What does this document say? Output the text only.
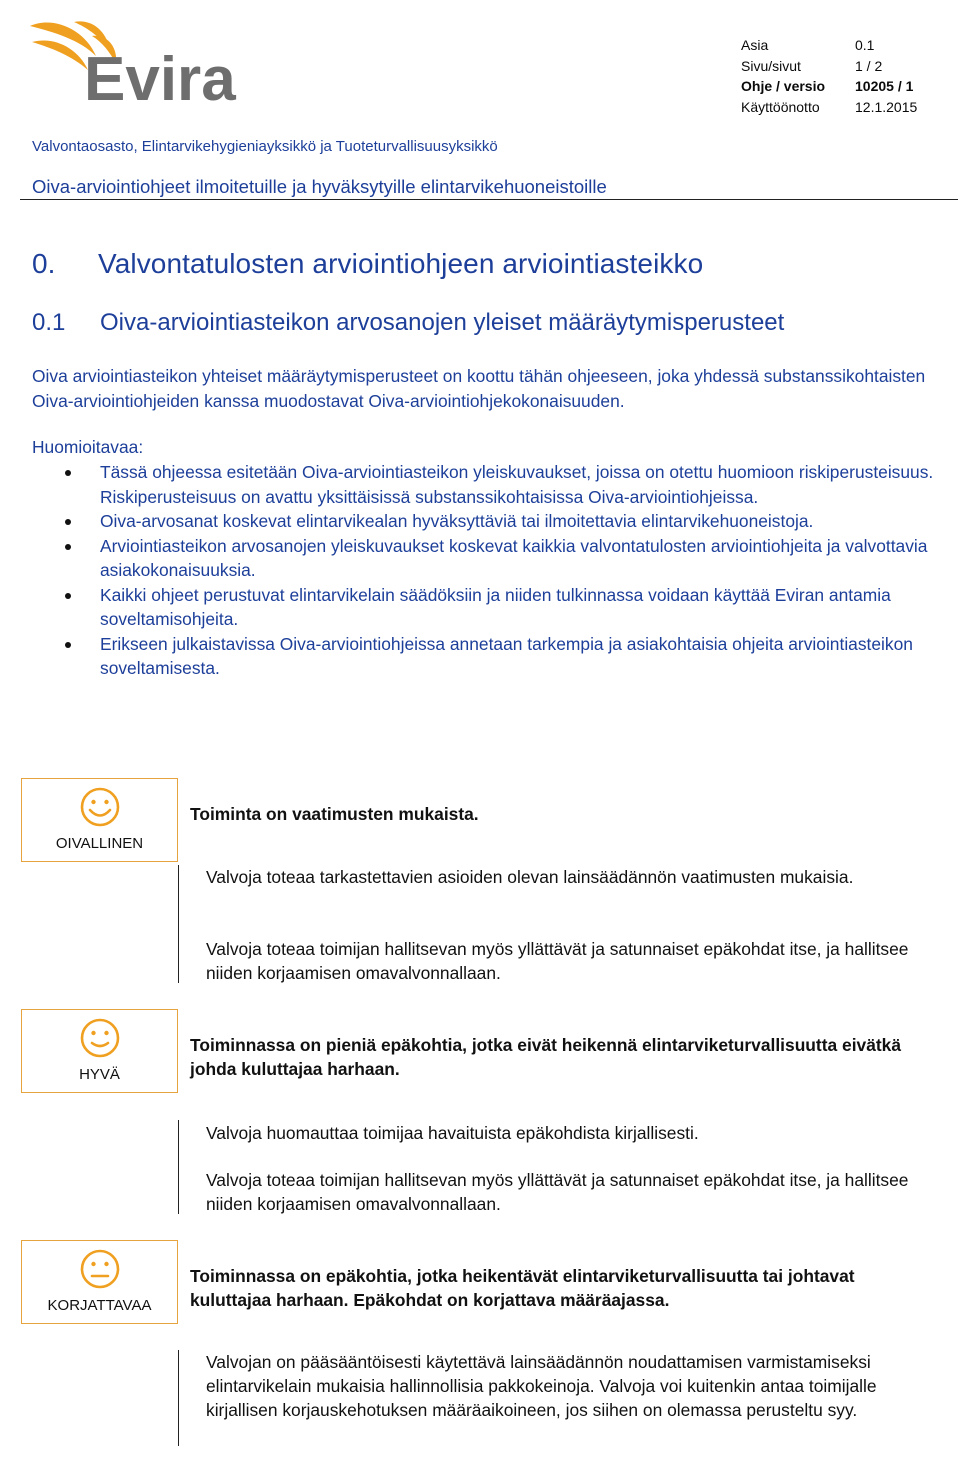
Evira	Asia	0.1
Sivu/sivut	1 / 2
Ohje / versio	10205 / 1
Käyttöönotto	12.1.2015
Valvontaosasto, Elintarvikehygieniayksikkö ja Tuoteturvallisuusyksikkö
Oiva-arviointiohjeet ilmoitetuille ja hyväksytyille elintarvikehuoneistoille
0. Valvontatulosten arviointiohjeen arviointiasteikko
0.1 Oiva-arviointiasteikon arvosanojen yleiset määräytymisperusteet
Oiva arviointiasteikon yhteiset määräytymisperusteet on koottu tähän ohjeeseen, joka yhdessä substanssikohtaisten Oiva-arviointiohjeiden kanssa muodostavat Oiva-arviointiohjekokonaisuuden.
Huomioitavaa:
Tässä ohjeessa esitetään Oiva-arviointiasteikon yleiskuvaukset, joissa on otettu huomioon riskiperusteisuus. Riskiperusteisuus on avattu yksittäisissä substanssikohtaisissa Oiva-arviointiohjeissa.
Oiva-arvosanat koskevat elintarvikealan hyväksyttäviä tai ilmoitettavia elintarvikehuoneistoja.
Arviointiasteikon arvosanojen yleiskuvaukset koskevat kaikkia valvontatulosten arviointiohjeita ja valvottavia asiakokonaisuuksia.
Kaikki ohjeet perustuvat elintarvikelain säädöksiin ja niiden tulkinnassa voidaan käyttää Eviran antamia soveltamisohjeita.
Erikseen julkaistavissa Oiva-arviointiohjeissa annetaan tarkempia ja asiakohtaisia ohjeita arviointiasteikon soveltamisesta.
OIVALLINEN
Toiminta on vaatimusten mukaista.
Valvoja toteaa tarkastettavien asioiden olevan lainsäädännön vaatimusten mukaisia.
Valvoja toteaa toimijan hallitsevan myös yllättävät ja satunnaiset epäkohdat itse, ja hallitsee niiden korjaamisen omavalvonnallaan.
HYVÄ
Toiminnassa on pieniä epäkohtia, jotka eivät heikennä elintarviketurvallisuutta eivätkä johda kuluttajaa harhaan.
Valvoja huomauttaa toimijaa havaituista epäkohdista kirjallisesti.
Valvoja toteaa toimijan hallitsevan myös yllättävät ja satunnaiset epäkohdat itse, ja hallitsee niiden korjaamisen omavalvonnallaan.
KORJATTAVAA
Toiminnassa on epäkohtia, jotka heikentävät elintarviketurvallisuutta tai johtavat kuluttajaa harhaan. Epäkohdat on korjattava määräajassa.
Valvojan on pääsääntöisesti käytettävä lainsäädännön noudattamisen varmistamiseksi elintarvikelain mukaisia hallinnollisia pakkokeinoja. Valvoja voi kuitenkin antaa toimijalle kirjallisen korjauskehotuksen määräaikoineen, jos siihen on olemassa perusteltu syy.
